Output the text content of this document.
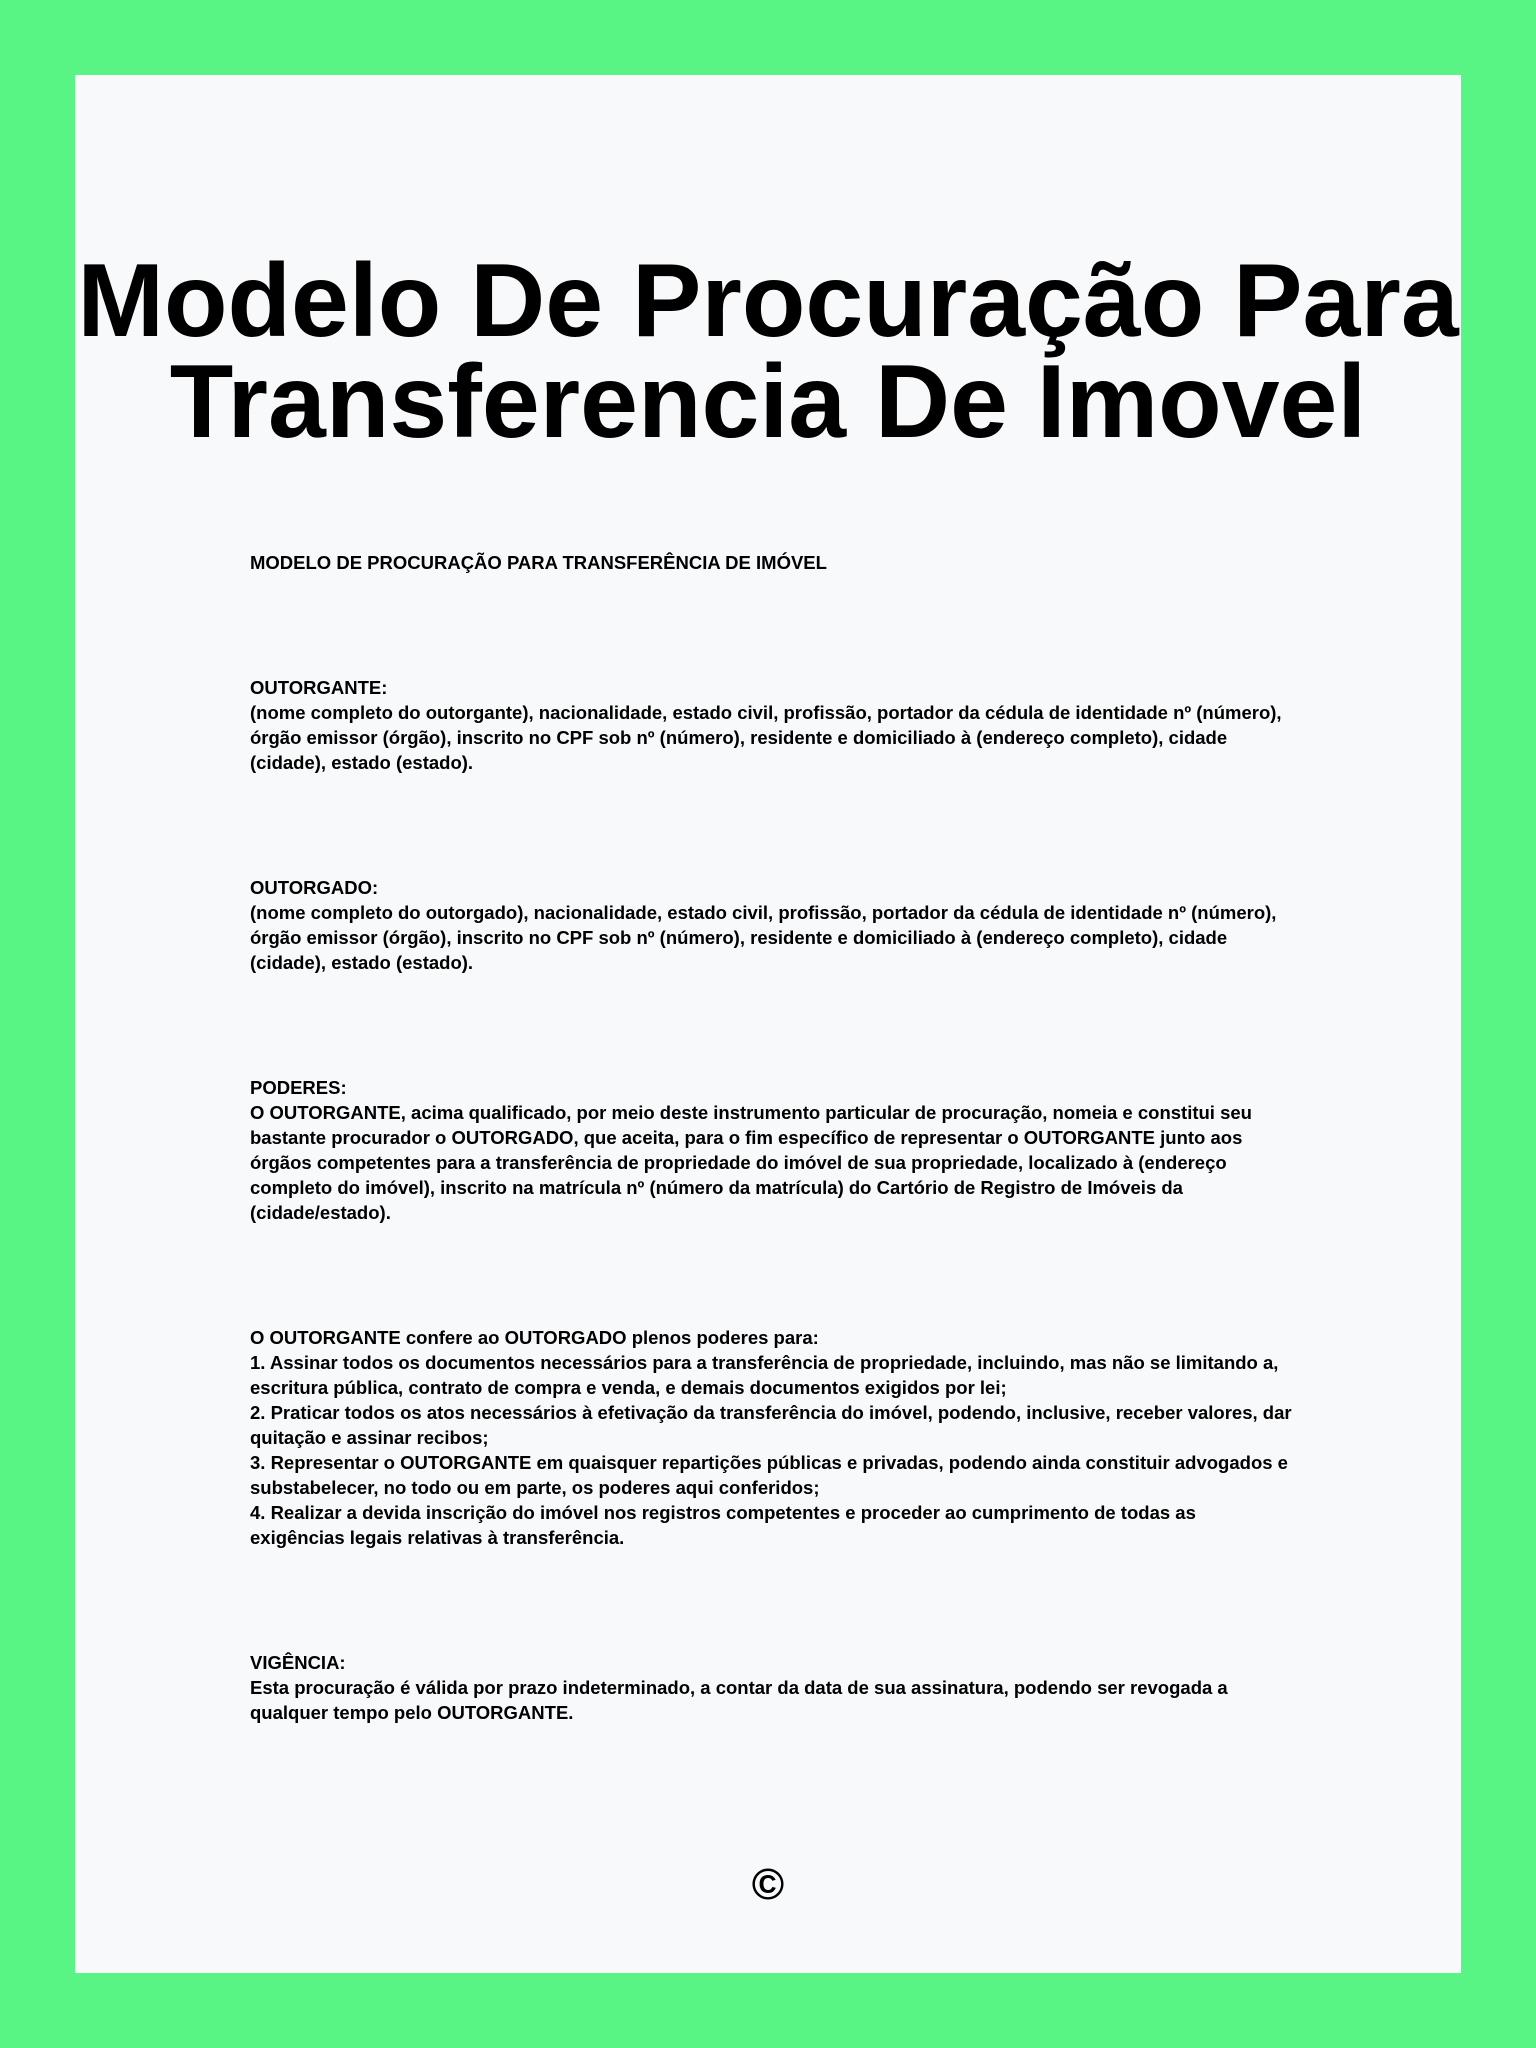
Modelo De Procuração Para
Transferencia De Imovel

MODELO DE PROCURAÇÃO PARA TRANSFERÊNCIA DE IMÓVEL

OUTORGANTE:

(nome completo do outorgante), nacionalidade, estado civil, profissão, portador da cédula de identidade nº (número), órgão emissor (órgão), inscrito no CPF sob nº (número), residente e domiciliado à (endereço completo), cidade (cidade), estado (estado).

OUTORGADO:

(nome completo do outorgado), nacionalidade, estado civil, profissão, portador da cédula de identidade nº (número), órgão emissor (órgão), inscrito no CPF sob nº (número), residente e domiciliado à (endereço completo), cidade (cidade), estado (estado).

PODERES:

O OUTORGANTE, acima qualificado, por meio deste instrumento particular de procuração, nomeia e constitui seu bastante procurador o OUTORGADO, que aceita, para o fim específico de representar o OUTORGANTE junto aos órgãos competentes para a transferência de propriedade do imóvel de sua propriedade, localizado à (endereço completo do imóvel), inscrito na matrícula nº (número da matrícula) do Cartório de Registro de Imóveis da (cidade/estado).

O OUTORGANTE confere ao OUTORGADO plenos poderes para:

1. Assinar todos os documentos necessários para a transferência de propriedade, incluindo, mas não se limitando a, escritura pública, contrato de compra e venda, e demais documentos exigidos por lei;

2. Praticar todos os atos necessários à efetivação da transferência do imóvel, podendo, inclusive, receber valores, dar quitação e assinar recibos;

3. Representar o OUTORGANTE em quaisquer repartições públicas e privadas, podendo ainda constituir advogados e substabelecer, no todo ou em parte, os poderes aqui conferidos;

4. Realizar a devida inscrição do imóvel nos registros competentes e proceder ao cumprimento de todas as exigências legais relativas à transferência.

VIGÊNCIA:

Esta procuração é válida por prazo indeterminado, a contar da data de sua assinatura, podendo ser revogada a qualquer tempo pelo OUTORGANTE.

©
